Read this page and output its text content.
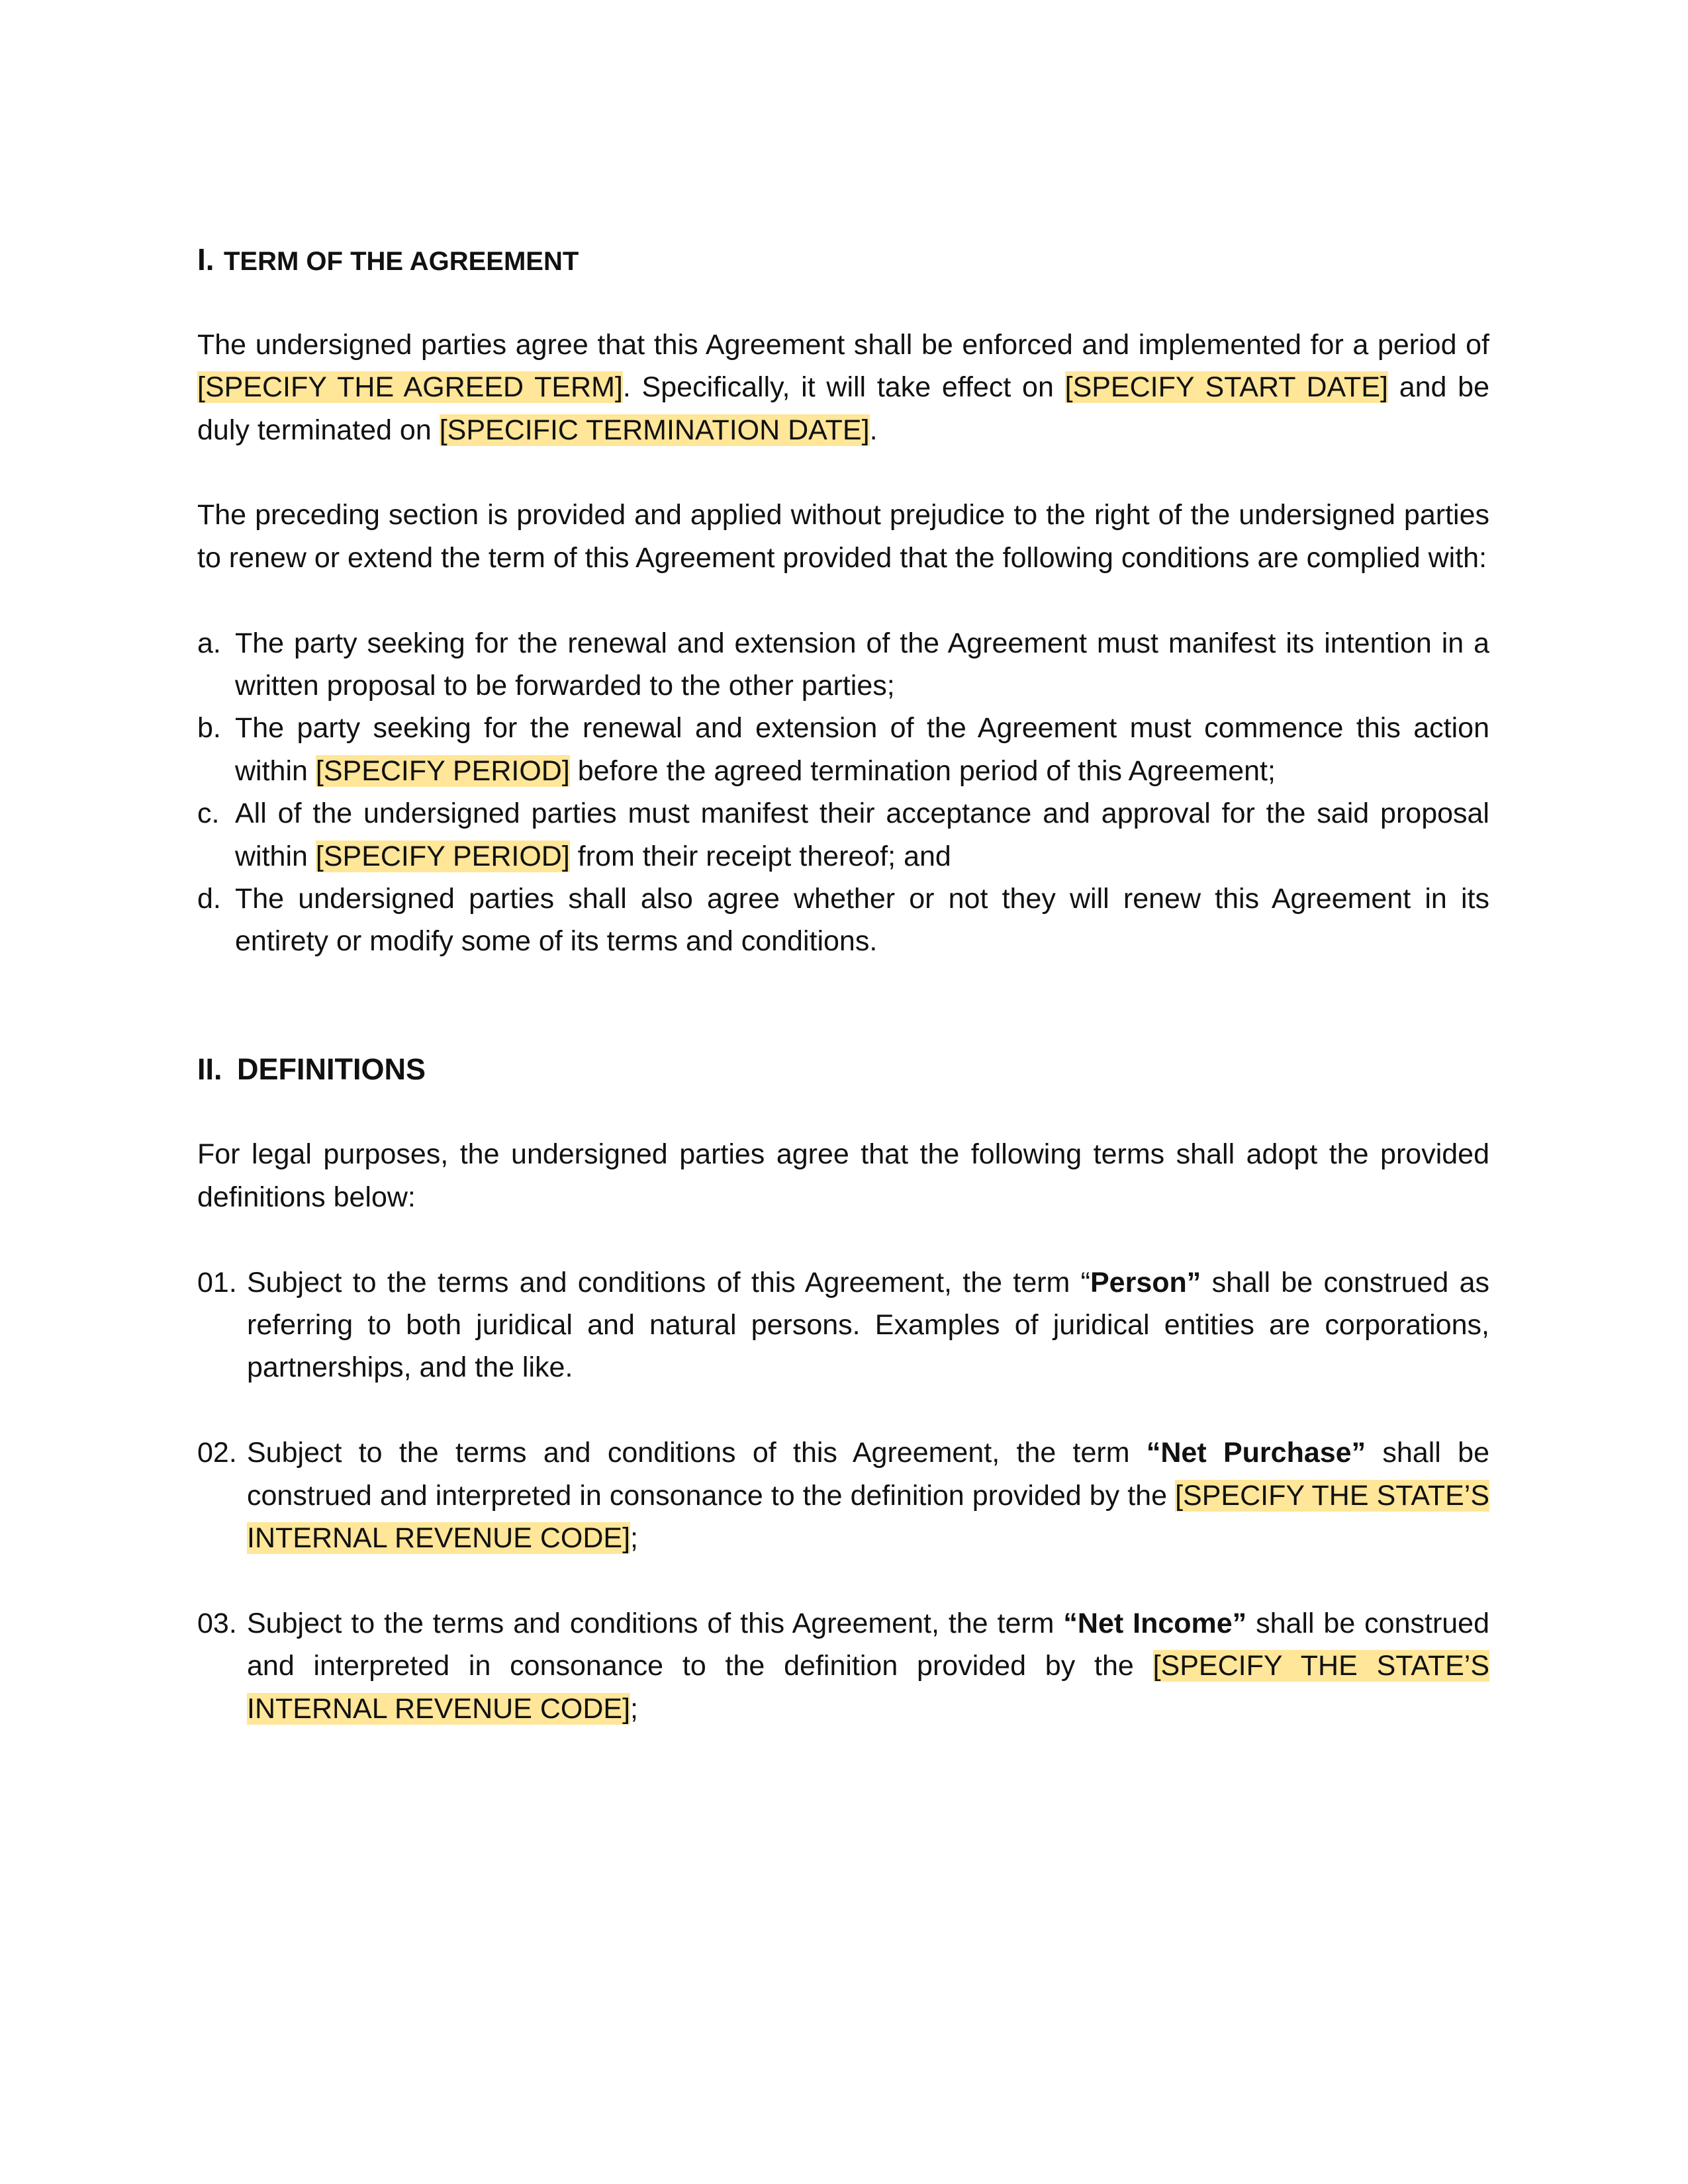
I. TERM OF THE AGREEMENT

The undersigned parties agree that this Agreement shall be enforced and implemented for a period of [SPECIFY THE AGREED TERM]. Specifically, it will take effect on [SPECIFY START DATE] and be duly terminated on [SPECIFIC TERMINATION DATE].

The preceding section is provided and applied without prejudice to the right of the undersigned parties to renew or extend the term of this Agreement provided that the following conditions are complied with:

a. The party seeking for the renewal and extension of the Agreement must manifest its intention in a written proposal to be forwarded to the other parties;
b. The party seeking for the renewal and extension of the Agreement must commence this action within [SPECIFY PERIOD] before the agreed termination period of this Agreement;
c. All of the undersigned parties must manifest their acceptance and approval for the said proposal within [SPECIFY PERIOD] from their receipt thereof; and
d. The undersigned parties shall also agree whether or not they will renew this Agreement in its entirety or modify some of its terms and conditions.
II. DEFINITIONS

For legal purposes, the undersigned parties agree that the following terms shall adopt the provided definitions below:

01. Subject to the terms and conditions of this Agreement, the term “Person” shall be construed as referring to both juridical and natural persons. Examples of juridical entities are corporations, partnerships, and the like.
02. Subject to the terms and conditions of this Agreement, the term “Net Purchase” shall be construed and interpreted in consonance to the definition provided by the [SPECIFY THE STATE’S INTERNAL REVENUE CODE];
03. Subject to the terms and conditions of this Agreement, the term “Net Income” shall be construed and interpreted in consonance to the definition provided by the [SPECIFY THE STATE’S INTERNAL REVENUE CODE];
